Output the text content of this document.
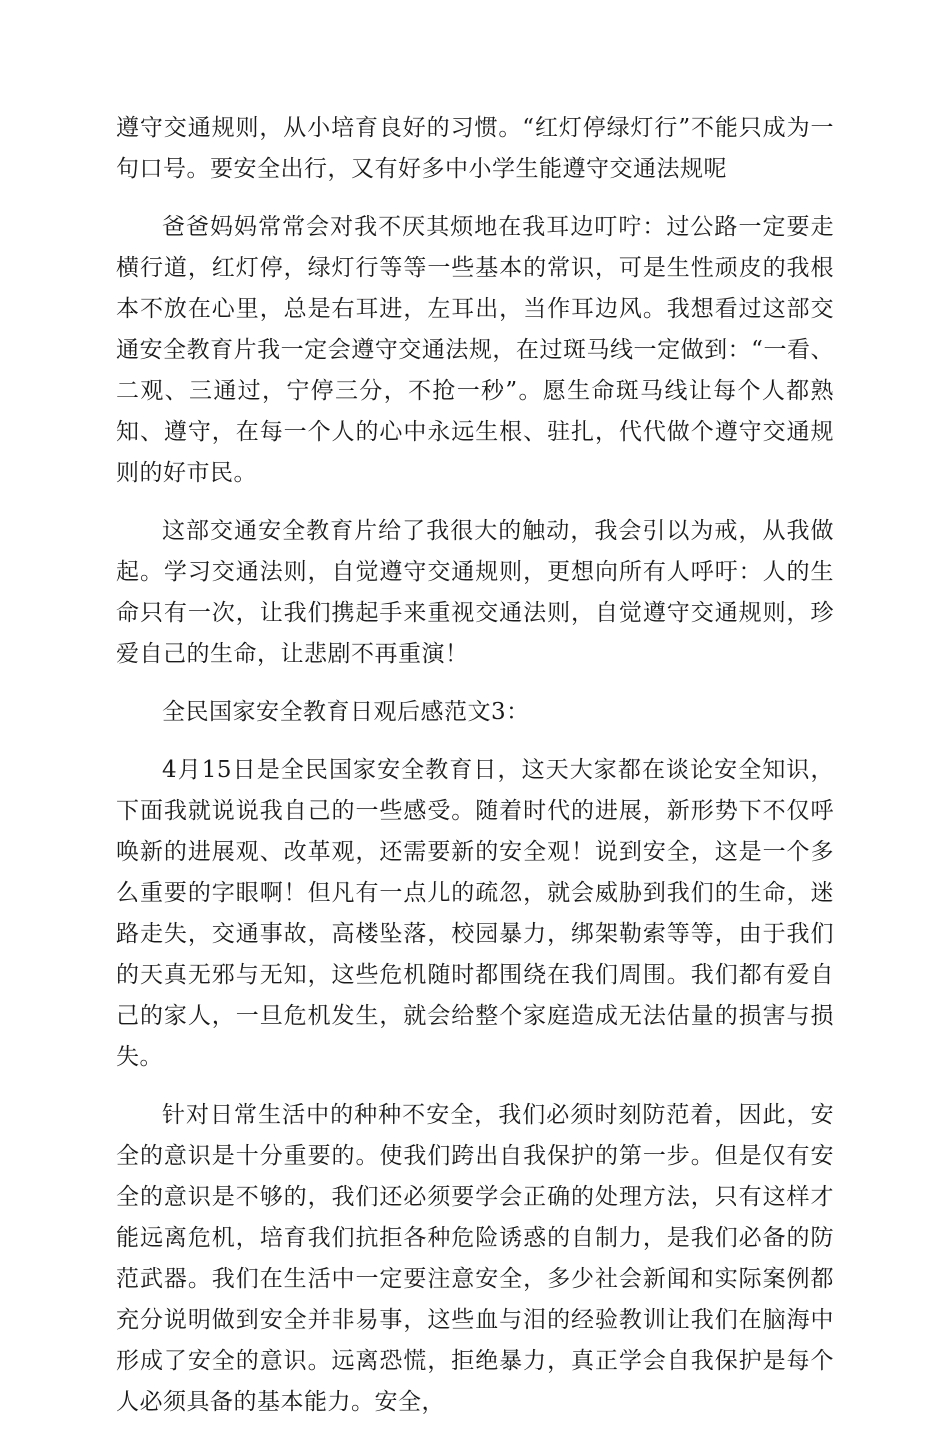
遵守交通规则，从小培育良好的习惯。“红灯停绿灯行”不能只成为一句口号。要安全出行，又有好多中小学生能遵守交通法规呢

爸爸妈妈常常会对我不厌其烦地在我耳边叮咛：过公路一定要走横行道，红灯停，绿灯行等等一些基本的常识，可是生性顽皮的我根本不放在心里，总是右耳进，左耳出，当作耳边风。我想看过这部交通安全教育片我一定会遵守交通法规，在过斑马线一定做到：“一看、二观、三通过，宁停三分，不抢一秒”。愿生命斑马线让每个人都熟知、遵守，在每一个人的心中永远生根、驻扎，代代做个遵守交通规则的好市民。

这部交通安全教育片给了我很大的触动，我会引以为戒，从我做起。学习交通法则，自觉遵守交通规则，更想向所有人呼吁：人的生命只有一次，让我们携起手来重视交通法则，自觉遵守交通规则，珍爱自己的生命，让悲剧不再重演！

全民国家安全教育日观后感范文3：

4月15日是全民国家安全教育日，这天大家都在谈论安全知识，下面我就说说我自己的一些感受。随着时代的进展，新形势下不仅呼唤新的进展观、改革观，还需要新的安全观！说到安全，这是一个多么重要的字眼啊！但凡有一点儿的疏忽，就会威胁到我们的生命，迷路走失，交通事故，高楼坠落，校园暴力，绑架勒索等等，由于我们的天真无邪与无知，这些危机随时都围绕在我们周围。我们都有爱自己的家人，一旦危机发生，就会给整个家庭造成无法估量的损害与损失。

针对日常生活中的种种不安全，我们必须时刻防范着，因此，安全的意识是十分重要的。使我们跨出自我保护的第一步。但是仅有安全的意识是不够的，我们还必须要学会正确的处理方法，只有这样才能远离危机，培育我们抗拒各种危险诱惑的自制力，是我们必备的防范武器。我们在生活中一定要注意安全，多少社会新闻和实际案例都充分说明做到安全并非易事，这些血与泪的经验教训让我们在脑海中形成了安全的意识。远离恐慌，拒绝暴力，真正学会自我保护是每个人必须具备的基本能力。安全，
